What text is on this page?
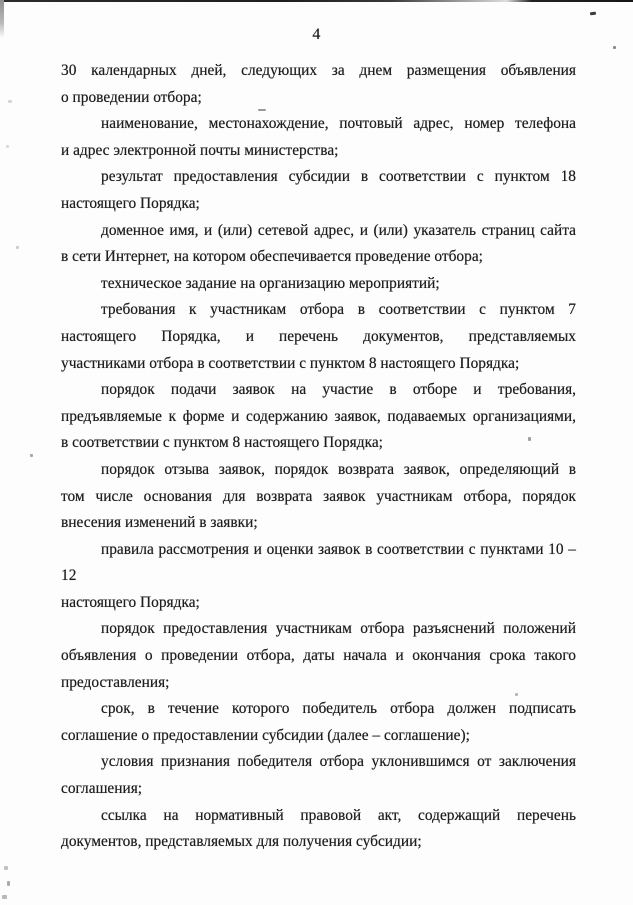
4
30 календарных дней, следующих за днем размещения объявления
о проведении отбора;
наименование, местонахождение, почтовый адрес, номер телефона
и адрес электронной почты министерства;
результат предоставления субсидии в соответствии с пунктом 18
настоящего Порядка;
доменное имя, и (или) сетевой адрес, и (или) указатель страниц сайта
в сети Интернет, на котором обеспечивается проведение отбора;
техническое задание на организацию мероприятий;
требования к участникам отбора в соответствии с пунктом 7
настоящего Порядка, и перечень документов, представляемых
участниками отбора в соответствии с пунктом 8 настоящего Порядка;
порядок подачи заявок на участие в отборе и требования,
предъявляемые к форме и содержанию заявок, подаваемых организациями,
в соответствии с пунктом 8 настоящего Порядка;
порядок отзыва заявок, порядок возврата заявок, определяющий в
том числе основания для возврата заявок участникам отбора, порядок
внесения изменений в заявки;
правила рассмотрения и оценки заявок в соответствии с пунктами 10 – 12
настоящего Порядка;
порядок предоставления участникам отбора разъяснений положений
объявления о проведении отбора, даты начала и окончания срока такого
предоставления;
срок, в течение которого победитель отбора должен подписать
соглашение о предоставлении субсидии (далее – соглашение);
условия признания победителя отбора уклонившимся от заключения
соглашения;
ссылка на нормативный правовой акт, содержащий перечень
документов, представляемых для получения субсидии;
